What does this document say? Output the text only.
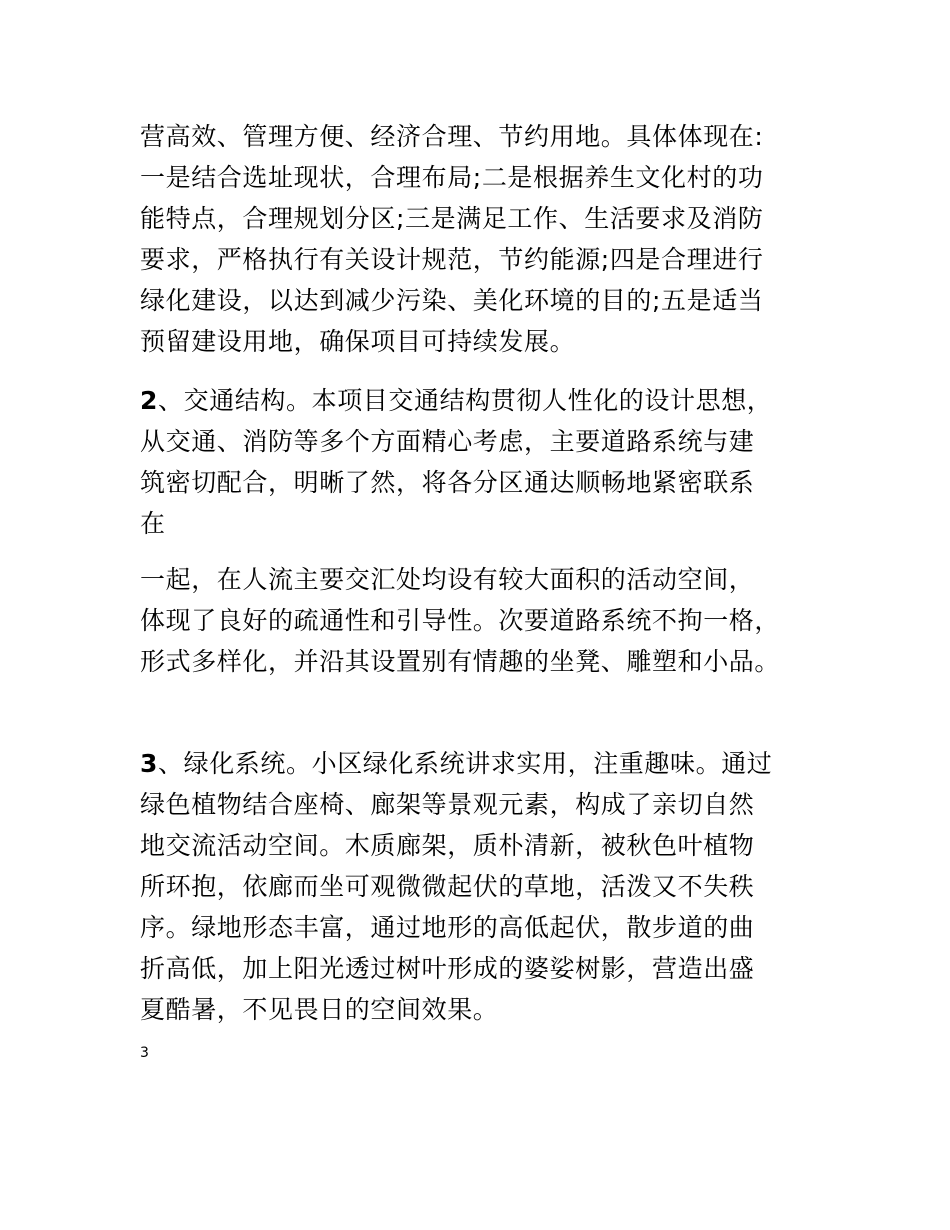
营高效、管理方便、经济合理、节约用地。具体体现在:
一是结合选址现状，合理布局;二是根据养生文化村的功
能特点，合理规划分区;三是满足工作、生活要求及消防
要求，严格执行有关设计规范，节约能源;四是合理进行
绿化建设，以达到减少污染、美化环境的目的;五是适当
预留建设用地，确保项目可持续发展。

2、交通结构。本项目交通结构贯彻人性化的设计思想，
从交通、消防等多个方面精心考虑，主要道路系统与建
筑密切配合，明晰了然，将各分区通达顺畅地紧密联系
在

一起，在人流主要交汇处均设有较大面积的活动空间，
体现了良好的疏通性和引导性。次要道路系统不拘一格，
形式多样化，并沿其设置别有情趣的坐凳、雕塑和小品。

3、绿化系统。小区绿化系统讲求实用，注重趣味。通过
绿色植物结合座椅、廊架等景观元素，构成了亲切自然
地交流活动空间。木质廊架，质朴清新，被秋色叶植物
所环抱，依廊而坐可观微微起伏的草地，活泼又不失秩
序。绿地形态丰富，通过地形的高低起伏，散步道的曲
折高低，加上阳光透过树叶形成的婆娑树影，营造出盛
夏酷暑，不见畏日的空间效果。

3
